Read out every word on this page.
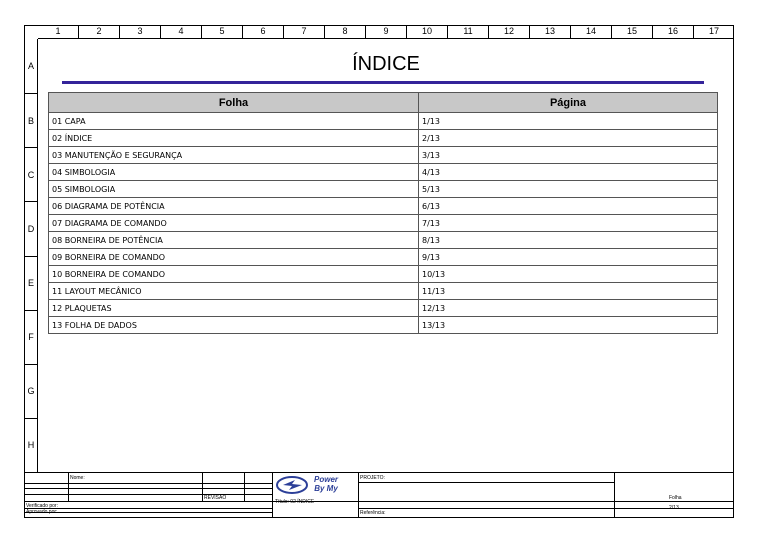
1	2	3	4	5	6	7	8	9	10	11	12	13	14	15	16	17
A
B
C
D
E
F
G
H
ÍNDICE
Folha	Página
01 CAPA	1/13
02 ÍNDICE	2/13
03 MANUTENÇÃO E SEGURANÇA	3/13
04 SIMBOLOGIA	4/13
05 SIMBOLOGIA	5/13
06 DIAGRAMA DE POTÊNCIA	6/13
07 DIAGRAMA DE COMANDO	7/13
08 BORNEIRA DE POTÊNCIA	8/13
09 BORNEIRA DE COMANDO	9/13
10 BORNEIRA DE COMANDO	10/13
11 LAYOUT MECÂNICO	11/13
12 PLAQUETAS	12/13
13 FOLHA DE DADOS	13/13
Nome:
REVISÃO
Verificado por:
Aprovado por:
PROJETO:
Título: 02 ÍNDICE
Referência:
Folha
2/13
Power
By My
